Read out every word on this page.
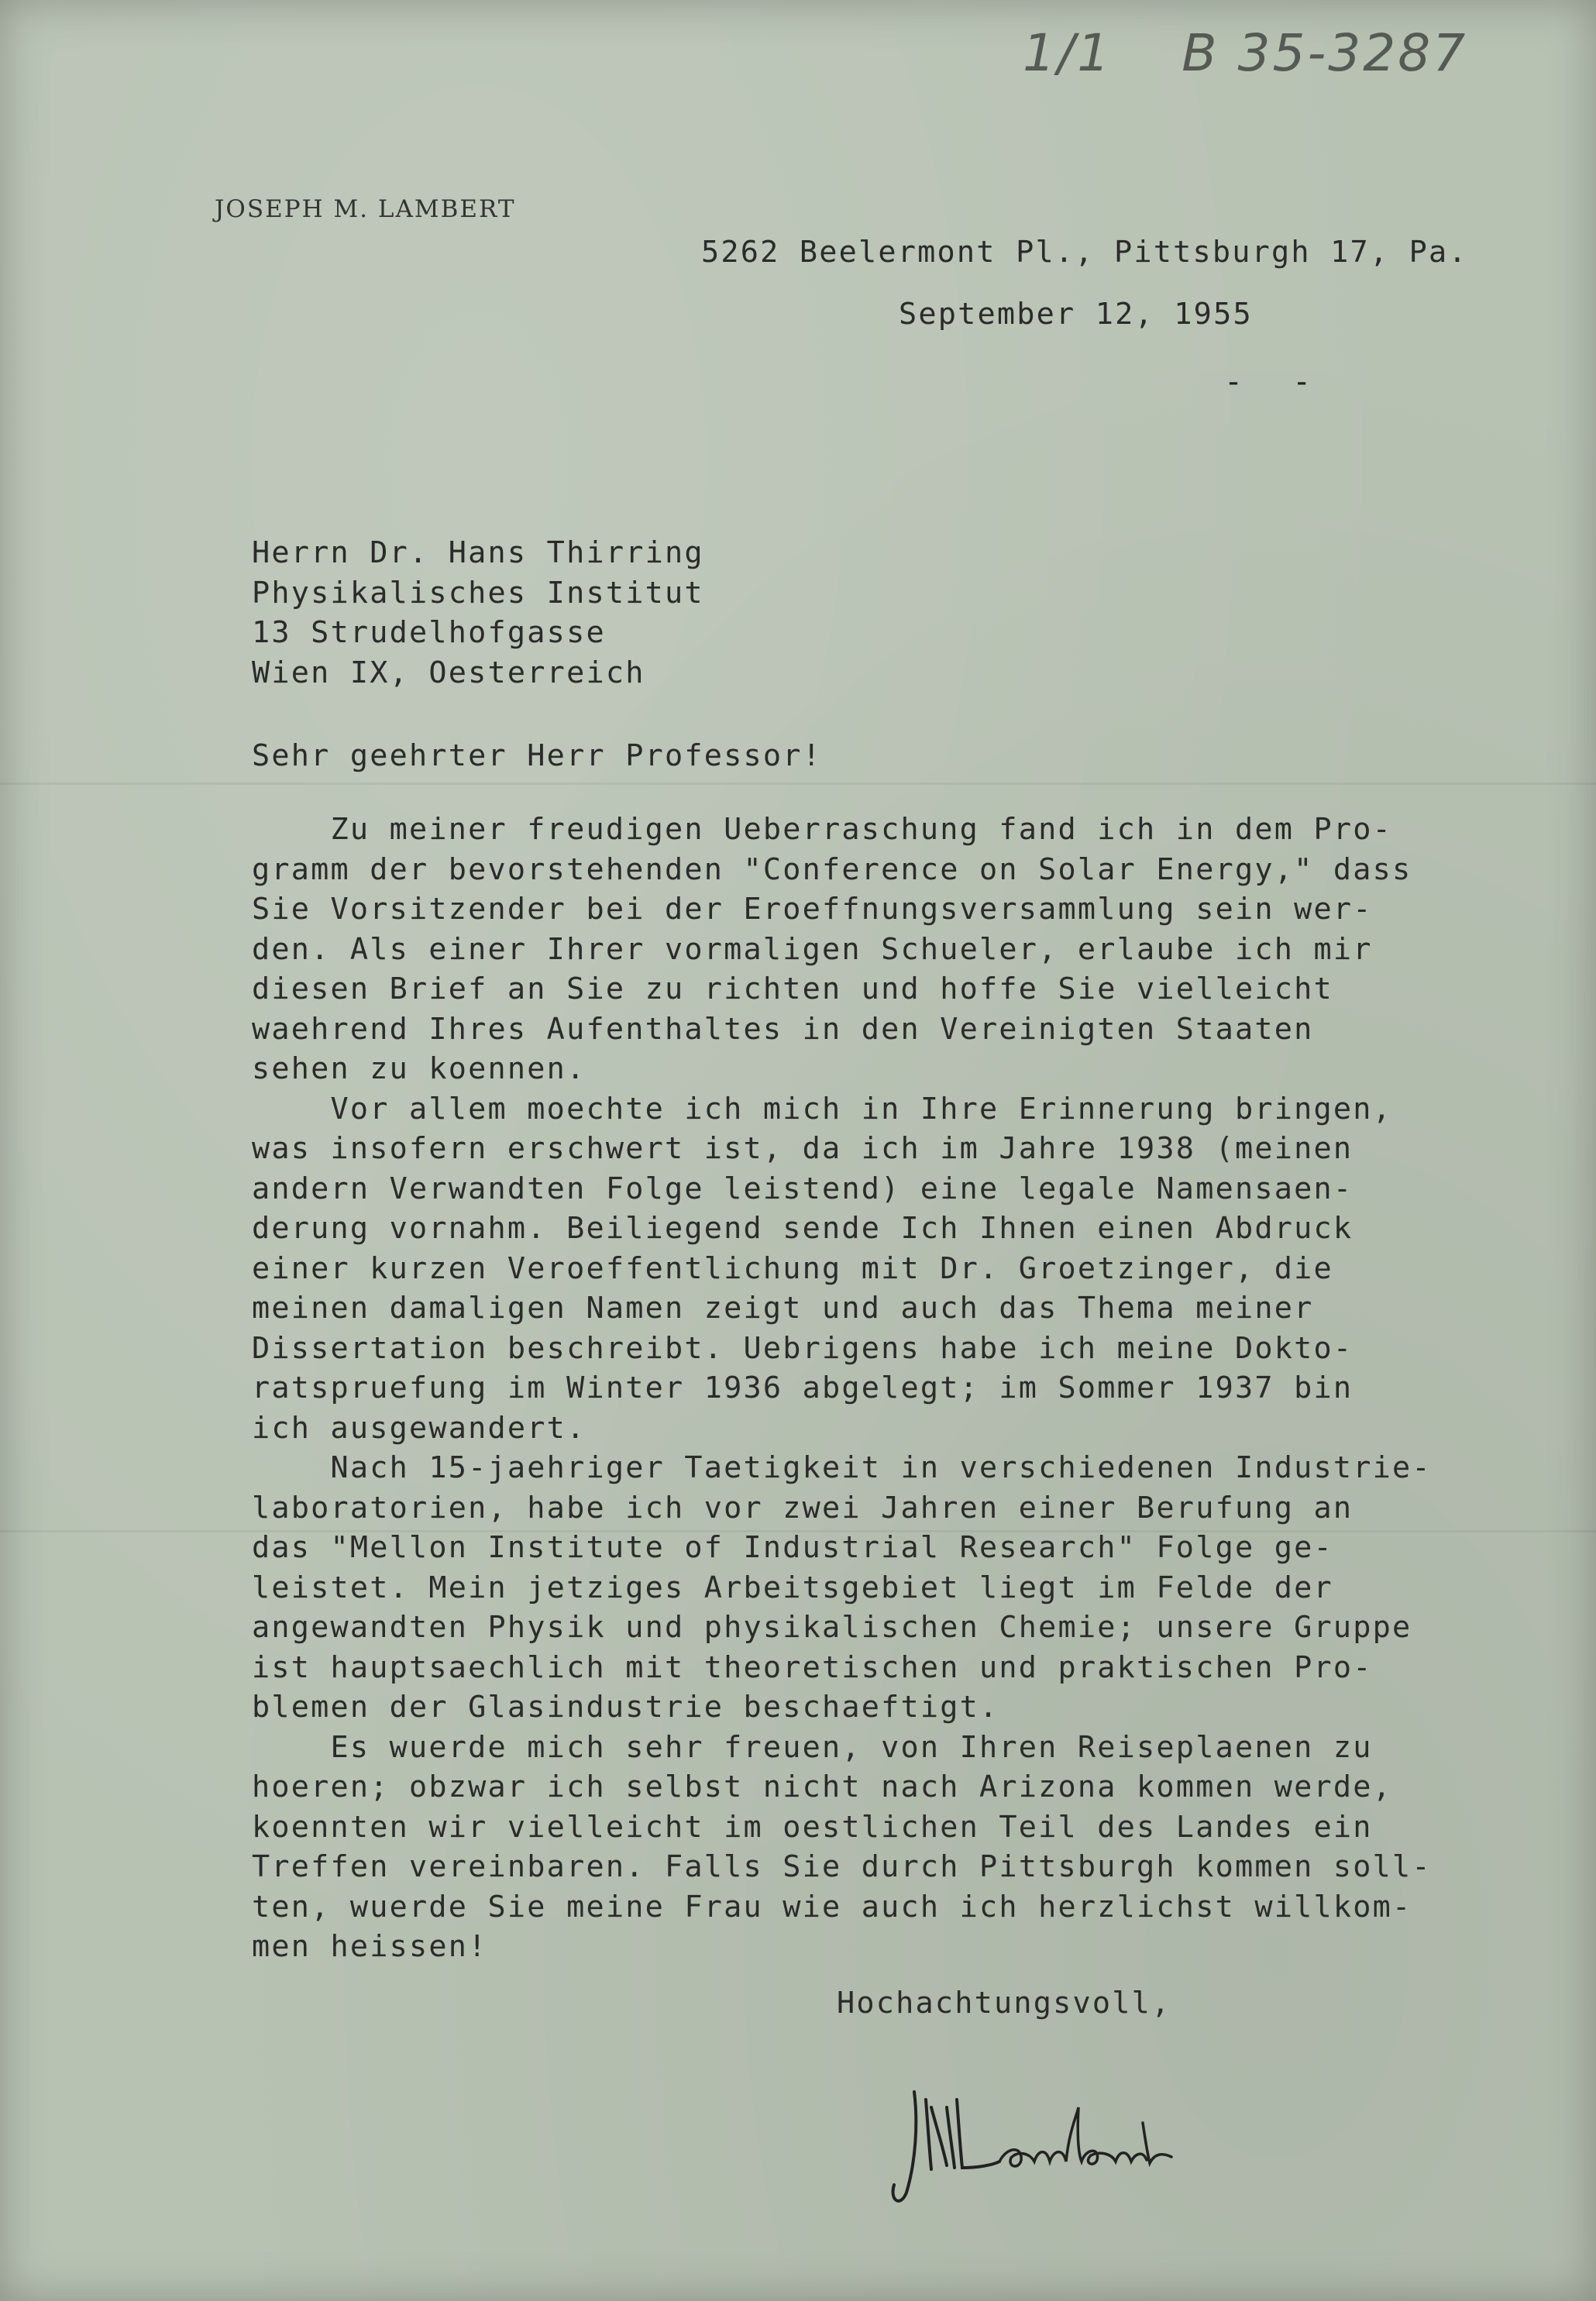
1/1 B 35-3287
JOSEPH M. LAMBERT
5262 Beelermont Pl., Pittsburgh 17, Pa.
September 12, 1955
- -
Herrn Dr. Hans Thirring
Physikalisches Institut
13 Strudelhofgasse
Wien IX, Oesterreich
Sehr geehrter Herr Professor!
Zu meiner freudigen Ueberraschung fand ich in dem Pro-
gramm der bevorstehenden "Conference on Solar Energy," dass
Sie Vorsitzender bei der Eroeffnungsversammlung sein wer-
den. Als einer Ihrer vormaligen Schueler, erlaube ich mir
diesen Brief an Sie zu richten und hoffe Sie vielleicht
waehrend Ihres Aufenthaltes in den Vereinigten Staaten
sehen zu koennen.
Vor allem moechte ich mich in Ihre Erinnerung bringen,
was insofern erschwert ist, da ich im Jahre 1938 (meinen
andern Verwandten Folge leistend) eine legale Namensaen-
derung vornahm. Beiliegend sende Ich Ihnen einen Abdruck
einer kurzen Veroeffentlichung mit Dr. Groetzinger, die
meinen damaligen Namen zeigt und auch das Thema meiner
Dissertation beschreibt. Uebrigens habe ich meine Dokto-
ratspruefung im Winter 1936 abgelegt; im Sommer 1937 bin
ich ausgewandert.
Nach 15-jaehriger Taetigkeit in verschiedenen Industrie-
laboratorien, habe ich vor zwei Jahren einer Berufung an
das "Mellon Institute of Industrial Research" Folge ge-
leistet. Mein jetziges Arbeitsgebiet liegt im Felde der
angewandten Physik und physikalischen Chemie; unsere Gruppe
ist hauptsaechlich mit theoretischen und praktischen Pro-
blemen der Glasindustrie beschaeftigt.
Es wuerde mich sehr freuen, von Ihren Reiseplaenen zu
hoeren; obzwar ich selbst nicht nach Arizona kommen werde,
koennten wir vielleicht im oestlichen Teil des Landes ein
Treffen vereinbaren. Falls Sie durch Pittsburgh kommen soll-
ten, wuerde Sie meine Frau wie auch ich herzlichst willkom-
men heissen!
Hochachtungsvoll,
